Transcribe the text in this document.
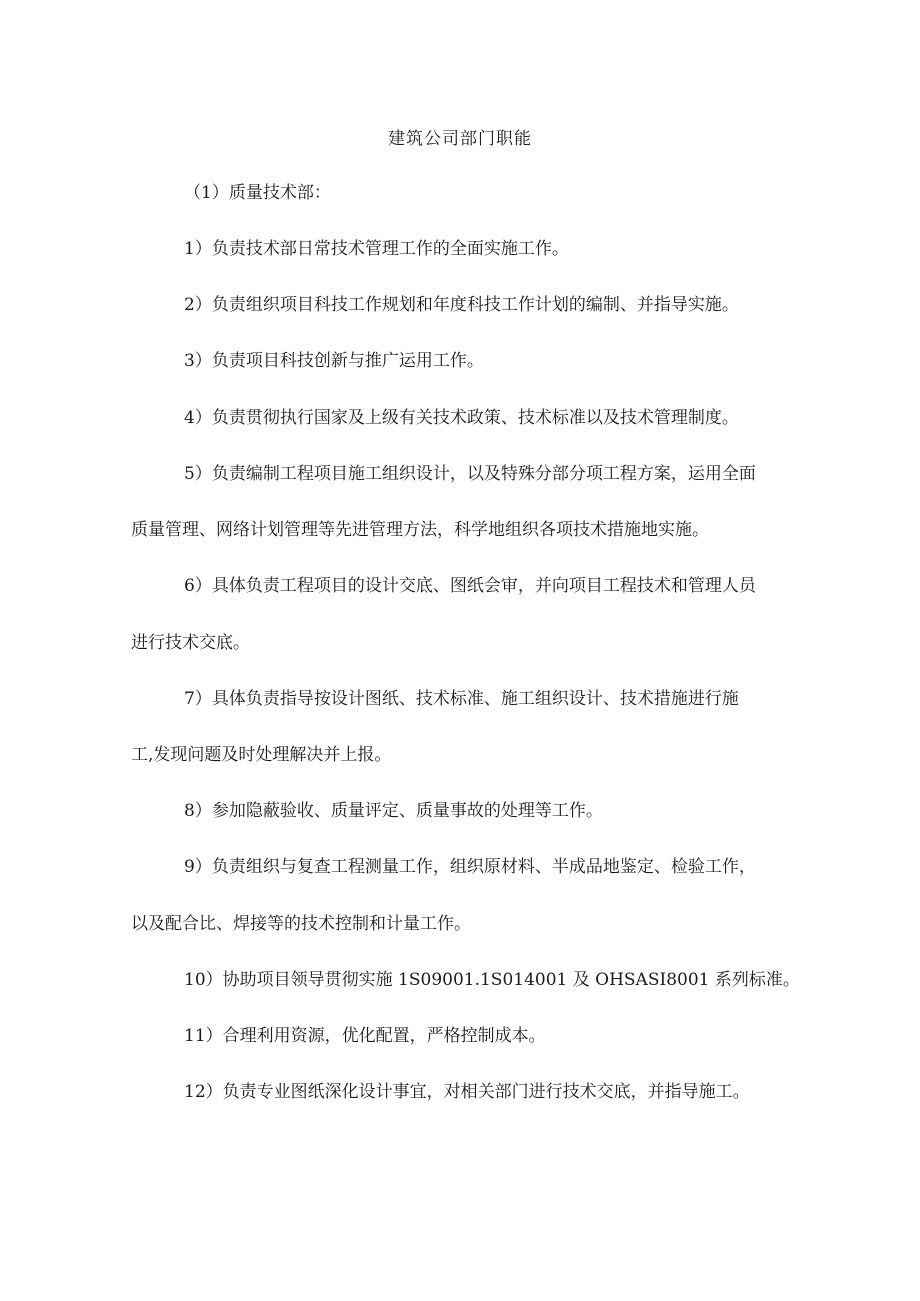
建筑公司部门职能
（1）质量技术部：
1）负责技术部日常技术管理工作的全面实施工作。
2）负责组织项目科技工作规划和年度科技工作计划的编制、并指导实施。
3）负责项目科技创新与推广运用工作。
4）负责贯彻执行国家及上级有关技术政策、技术标准以及技术管理制度。
5）负责编制工程项目施工组织设计，以及特殊分部分项工程方案，运用全面
质量管理、网络计划管理等先进管理方法，科学地组织各项技术措施地实施。
6）具体负责工程项目的设计交底、图纸会审，并向项目工程技术和管理人员
进行技术交底。
7）具体负责指导按设计图纸、技术标准、施工组织设计、技术措施进行施
工,发现问题及时处理解决并上报。
8）参加隐蔽验收、质量评定、质量事故的处理等工作。
9）负责组织与复查工程测量工作，组织原材料、半成品地鉴定、检验工作，
以及配合比、焊接等的技术控制和计量工作。
10）协助项目领导贯彻实施 1S09001.1S014001 及 OHSASI8001 系列标准。
11）合理利用资源，优化配置，严格控制成本。
12）负责专业图纸深化设计事宜，对相关部门进行技术交底，并指导施工。
